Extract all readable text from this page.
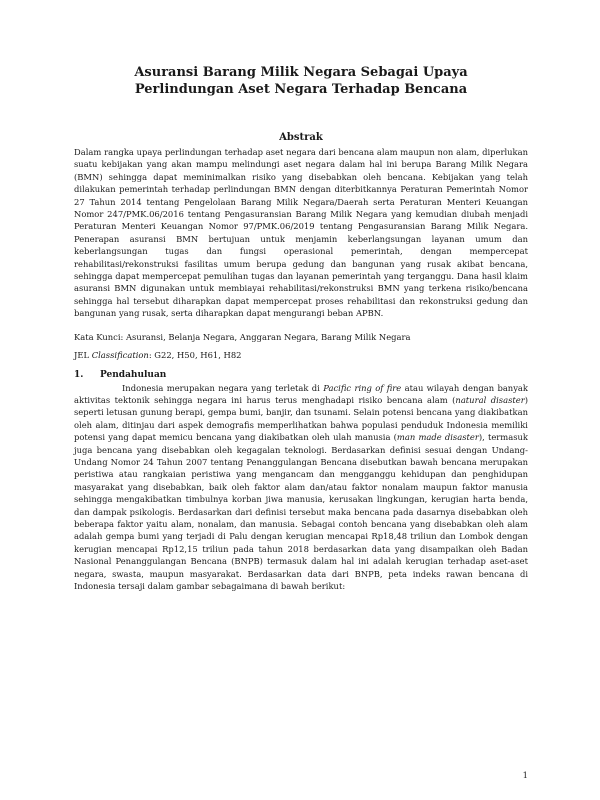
Asuransi Barang Milik Negara Sebagai Upaya Perlindungan Aset Negara Terhadap Bencana
Abstrak

Dalam rangka upaya perlindungan terhadap aset negara dari bencana alam maupun non alam, diperlukan suatu kebijakan yang akan mampu melindungi aset negara dalam hal ini berupa Barang Milik Negara (BMN) sehingga dapat meminimalkan risiko yang disebabkan oleh bencana. Kebijakan yang telah dilakukan pemerintah terhadap perlindungan BMN dengan diterbitkannya Peraturan Pemerintah Nomor 27 Tahun 2014 tentang Pengelolaan Barang Milik Negara/Daerah serta Peraturan Menteri Keuangan Nomor 247/PMK.06/2016 tentang Pengasuransian Barang Milik Negara yang kemudian diubah menjadi Peraturan Menteri Keuangan Nomor 97/PMK.06/2019 tentang Pengasuransian Barang Milik Negara. Penerapan asuransi BMN bertujuan untuk menjamin keberlangsungan layanan umum dan keberlangsungan tugas dan fungsi operasional pemerintah, dengan mempercepat rehabilitasi/rekonstruksi fasilitas umum berupa gedung dan bangunan yang rusak akibat bencana, sehingga dapat mempercepat pemulihan tugas dan layanan pemerintah yang terganggu. Dana hasil klaim asuransi BMN digunakan untuk membiayai rehabilitasi/rekonstruksi BMN yang terkena risiko/bencana sehingga hal tersebut diharapkan dapat mempercepat proses rehabilitasi dan rekonstruksi gedung dan bangunan yang rusak, serta diharapkan dapat mengurangi beban APBN.

Kata Kunci: Asuransi, Belanja Negara, Anggaran Negara, Barang Milik Negara
JEL Classification: G22, H50, H61, H82
1. Pendahuluan

Indonesia merupakan negara yang terletak di Pacific ring of fire atau wilayah dengan banyak aktivitas tektonik sehingga negara ini harus terus menghadapi risiko bencana alam (natural disaster) seperti letusan gunung berapi, gempa bumi, banjir, dan tsunami. Selain potensi bencana yang diakibatkan oleh alam, ditinjau dari aspek demografis memperlihatkan bahwa populasi penduduk Indonesia memiliki potensi yang dapat memicu bencana yang diakibatkan oleh ulah manusia (man made disaster), termasuk juga bencana yang disebabkan oleh kegagalan teknologi. Berdasarkan definisi sesuai dengan Undang-Undang Nomor 24 Tahun 2007 tentang Penanggulangan Bencana disebutkan bawah bencana merupakan peristiwa atau rangkaian peristiwa yang mengancam dan mengganggu kehidupan dan penghidupan masyarakat yang disebabkan, baik oleh faktor alam dan/atau faktor nonalam maupun faktor manusia sehingga mengakibatkan timbulnya korban jiwa manusia, kerusakan lingkungan, kerugian harta benda, dan dampak psikologis. Berdasarkan dari definisi tersebut maka bencana pada dasarnya disebabkan oleh beberapa faktor yaitu alam, nonalam, dan manusia. Sebagai contoh bencana yang disebabkan oleh alam adalah gempa bumi yang terjadi di Palu dengan kerugian mencapai Rp18,48 triliun dan Lombok dengan kerugian mencapai Rp12,15 triliun pada tahun 2018 berdasarkan data yang disampaikan oleh Badan Nasional Penanggulangan Bencana (BNPB) termasuk dalam hal ini adalah kerugian terhadap aset-aset negara, swasta, maupun masyarakat. Berdasarkan data dari BNPB, peta indeks rawan bencana di Indonesia tersaji dalam gambar sebagaimana di bawah berikut:

1
